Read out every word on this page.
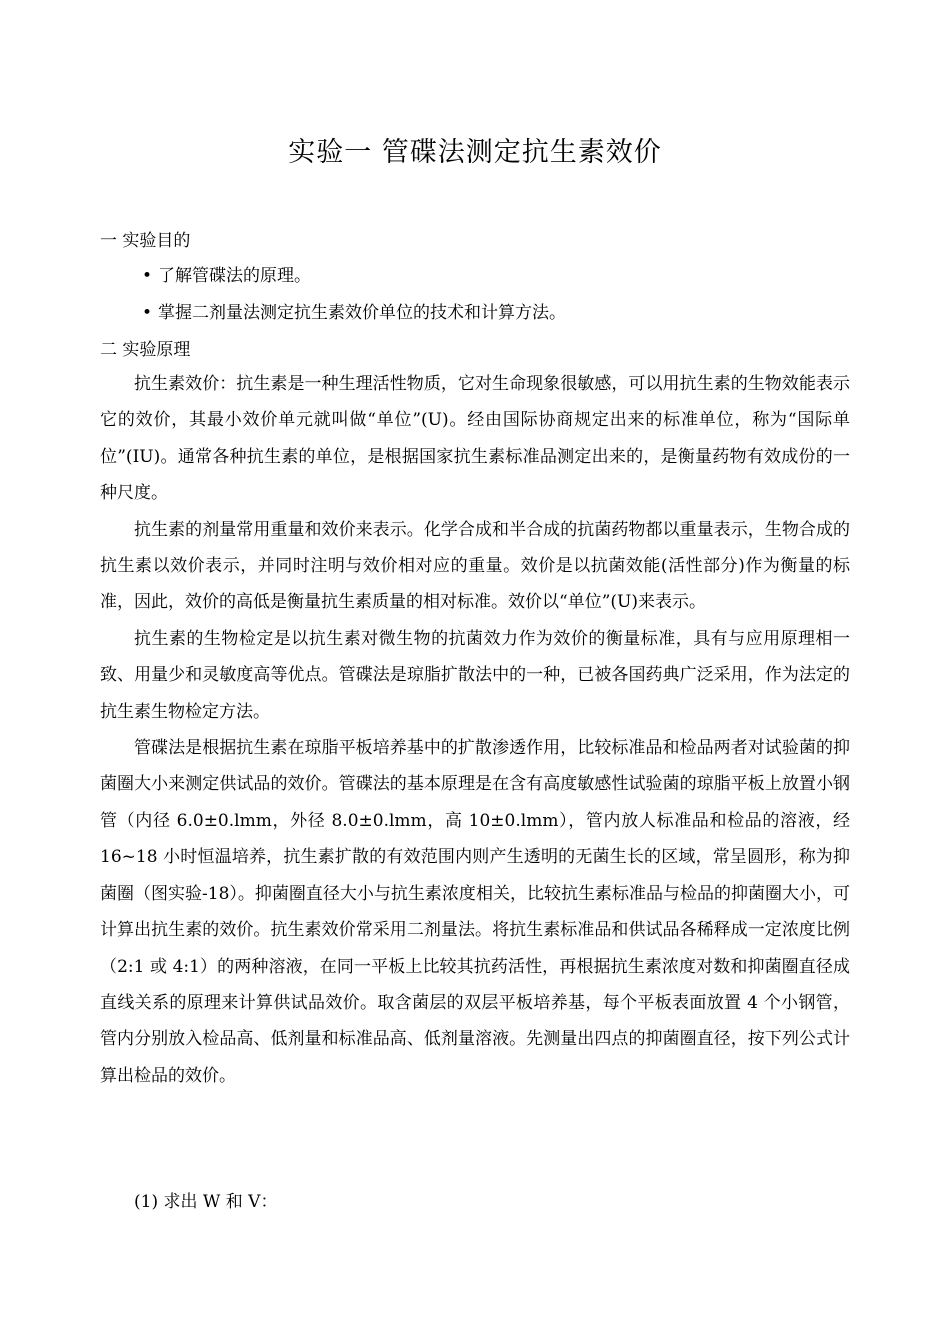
实验一 管碟法测定抗生素效价
一 实验目的
• 了解管碟法的原理。
• 掌握二剂量法测定抗生素效价单位的技术和计算方法。
二 实验原理

抗生素效价：抗生素是一种生理活性物质，它对生命现象很敏感，可以用抗生素的生物效能表示它的效价，其最小效价单元就叫做“单位”(U)。经由国际协商规定出来的标准单位，称为“国际单位”(IU)。通常各种抗生素的单位，是根据国家抗生素标准品测定出来的，是衡量药物有效成份的一种尺度。

抗生素的剂量常用重量和效价来表示。化学合成和半合成的抗菌药物都以重量表示，生物合成的抗生素以效价表示，并同时注明与效价相对应的重量。效价是以抗菌效能(活性部分)作为衡量的标准，因此，效价的高低是衡量抗生素质量的相对标准。效价以“单位”(U)来表示。

抗生素的生物检定是以抗生素对微生物的抗菌效力作为效价的衡量标准，具有与应用原理相一致、用量少和灵敏度高等优点。管碟法是琼脂扩散法中的一种，已被各国药典广泛采用，作为法定的抗生素生物检定方法。

管碟法是根据抗生素在琼脂平板培养基中的扩散渗透作用，比较标准品和检品两者对试验菌的抑菌圈大小来测定供试品的效价。管碟法的基本原理是在含有高度敏感性试验菌的琼脂平板上放置小钢管（内径 6.0±0.lmm，外径 8.0±0.lmm，高 10±0.lmm），管内放人标准品和检品的溶液，经 16~18 小时恒温培养，抗生素扩散的有效范围内则产生透明的无菌生长的区域，常呈圆形，称为抑菌圈（图实验-18）。抑菌圈直径大小与抗生素浓度相关，比较抗生素标准品与检品的抑菌圈大小，可计算出抗生素的效价。抗生素效价常采用二剂量法。将抗生素标准品和供试品各稀释成一定浓度比例（2:1 或 4:1）的两种溶液，在同一平板上比较其抗药活性，再根据抗生素浓度对数和抑菌圈直径成直线关系的原理来计算供试品效价。取含菌层的双层平板培养基，每个平板表面放置 4 个小钢管，管内分别放入检品高、低剂量和标准品高、低剂量溶液。先测量出四点的抑菌圈直径，按下列公式计算出检品的效价。

(1) 求出 W 和 V：
